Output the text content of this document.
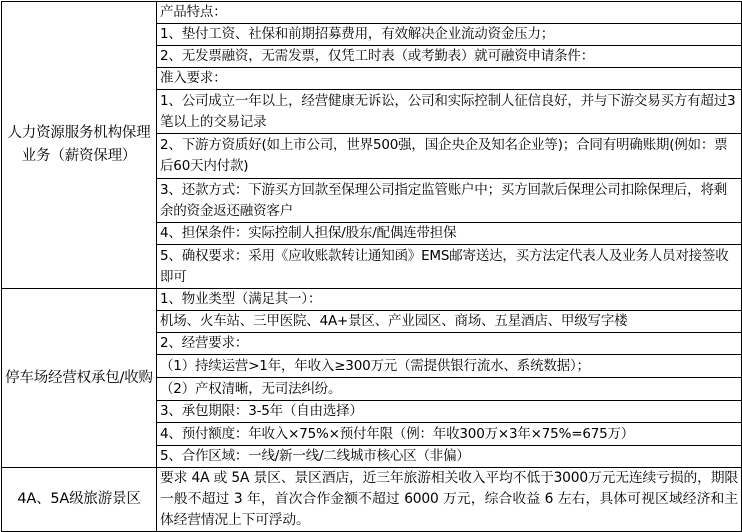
人力资源服务机构保理业务（薪资保理）	产品特点：
	1、垫付工资、社保和前期招募费用，有效解决企业流动资金压力；
	2、无发票融资，无需发票，仅凭工时表（或考勤表）就可融资申请条件：
	准入要求：
	1、公司成立一年以上，经营健康无诉讼，公司和实际控制人征信良好，并与下游交易买方有超过3笔以上的交易记录
	2、下游方资质好(如上市公司，世界500强，国企央企及知名企业等)；合同有明确账期(例如：票后60天内付款)
	3、还款方式：下游买方回款至保理公司指定监管账户中；买方回款后保理公司扣除保理后，将剩余的资金返还融资客户
	4、担保条件：实际控制人担保/股东/配偶连带担保
	5、确权要求：采用《应收账款转让通知函》EMS邮寄送达，买方法定代表人及业务人员对接签收即可
停车场经营权承包/收购	1、物业类型（满足其一）：
	机场、火车站、三甲医院、4A+景区、产业园区、商场、五星酒店、甲级写字楼
	2、经营要求：
	（1）持续运营>1年，年收入≥300万元（需提供银行流水、系统数据）；
	（2）产权清晰，无司法纠纷。
	3、承包期限：3-5年（自由选择）
	4、预付额度：年收入×75%×预付年限（例：年收300万×3年×75%=675万）
	5、合作区域：一线/新一线/二线城市核心区（非偏）
4A、5A级旅游景区	要求 4A 或 5A 景区、景区酒店，近三年旅游相关收入平均不低于3000万元无连续亏损的，期限一般不超过 3 年，首次合作金额不超过 6000 万元，综合收益 6 左右，具体可视区域经济和主体经营情况上下可浮动。
